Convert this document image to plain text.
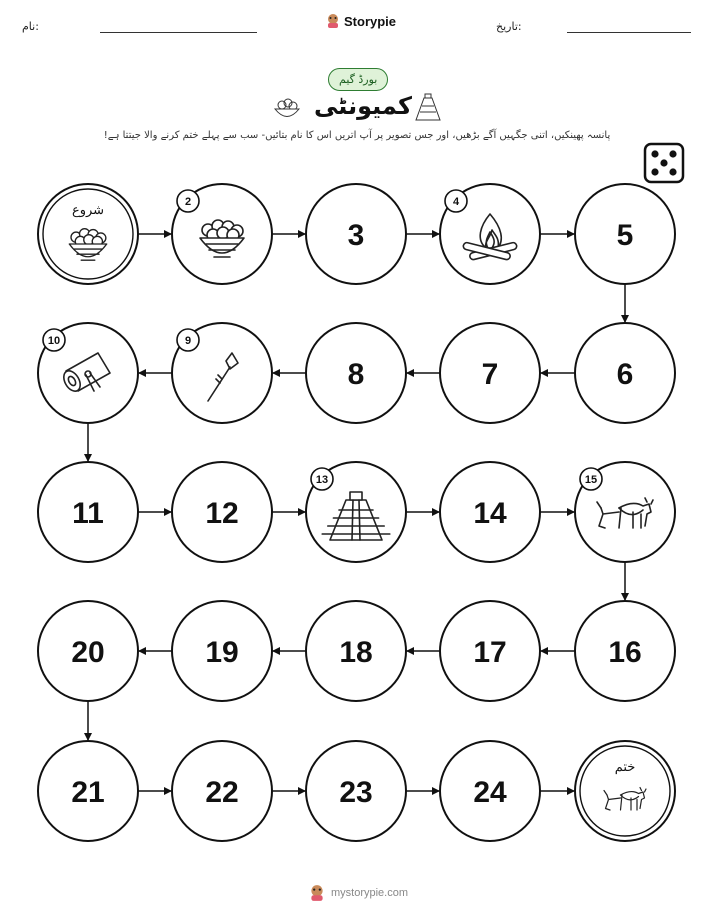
نام:	Storypie	تاریخ:
بورڈ گیم
کمیونٹی
پانسہ پھینکیں، اتنی جگہیں آگے بڑھیں، اور جس تصویر پر آپ اتریں اس کا نام بتائیں- سب سے پہلے ختم کرنے والا جیتتا ہے!
شروع	2
3
4
5
6
7
8
9
10
11	12
13
14
15
16
17
18
19
20
21	22	23	24
ختم
mystorypie.com
